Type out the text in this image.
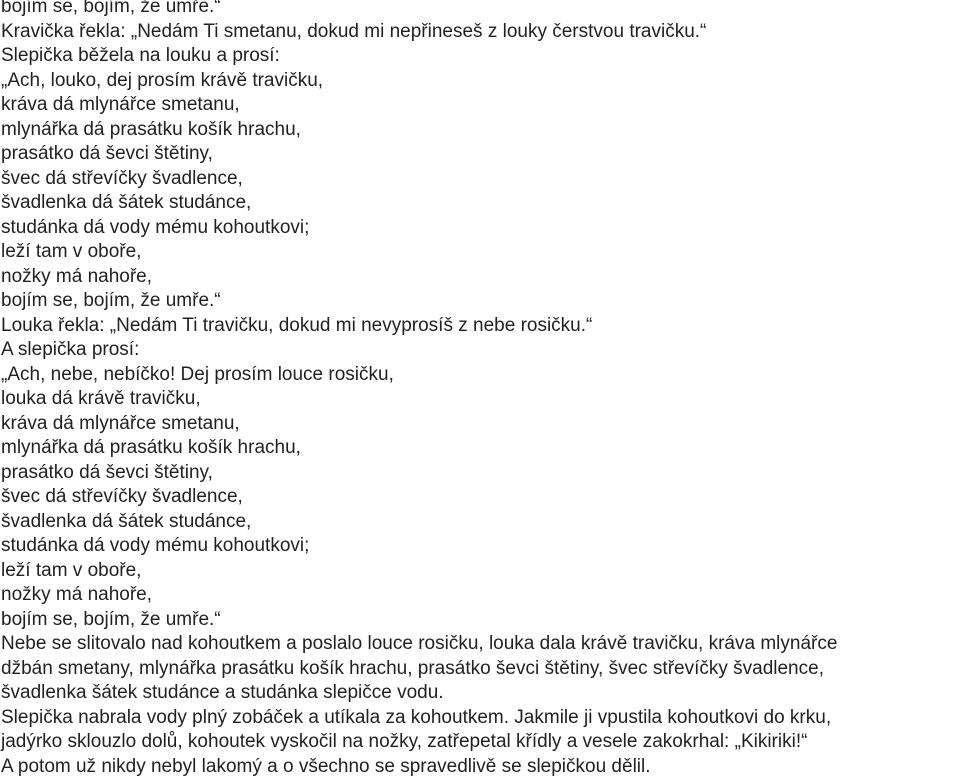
bojím se, bojím, že umře.“
Kravička řekla: „Nedám Ti smetanu, dokud mi nepřineseš z louky čerstvou travičku.“
Slepička běžela na louku a prosí:
„Ach, louko, dej prosím krávě travičku,
kráva dá mlynářce smetanu,
mlynářka dá prasátku košík hrachu,
prasátko dá ševci štětiny,
švec dá střevíčky švadlence,
švadlenka dá šátek studánce,
studánka dá vody mému kohoutkovi;
leží tam v oboře,
nožky má nahoře,
bojím se, bojím, že umře.“
Louka řekla: „Nedám Ti travičku, dokud mi nevyprosíš z nebe rosičku.“
A slepička prosí:
„Ach, nebe, nebíčko! Dej prosím louce rosičku,
louka dá krávě travičku,
kráva dá mlynářce smetanu,
mlynářka dá prasátku košík hrachu,
prasátko dá ševci štětiny,
švec dá střevíčky švadlence,
švadlenka dá šátek studánce,
studánka dá vody mému kohoutkovi;
leží tam v oboře,
nožky má nahoře,
bojím se, bojím, že umře.“
Nebe se slitovalo nad kohoutkem a poslalo louce rosičku, louka dala krávě travičku, kráva mlynářce
džbán smetany, mlynářka prasátku košík hrachu, prasátko ševci štětiny, švec střevíčky švadlence,
švadlenka šátek studánce a studánka slepičce vodu.
Slepička nabrala vody plný zobáček a utíkala za kohoutkem. Jakmile ji vpustila kohoutkovi do krku,
jadýrko sklouzlo dolů, kohoutek vyskočil na nožky, zatřepetal křídly a vesele zakokrhal: „Kikiriki!“
A potom už nikdy nebyl lakomý a o všechno se spravedlivě se slepičkou dělil.
